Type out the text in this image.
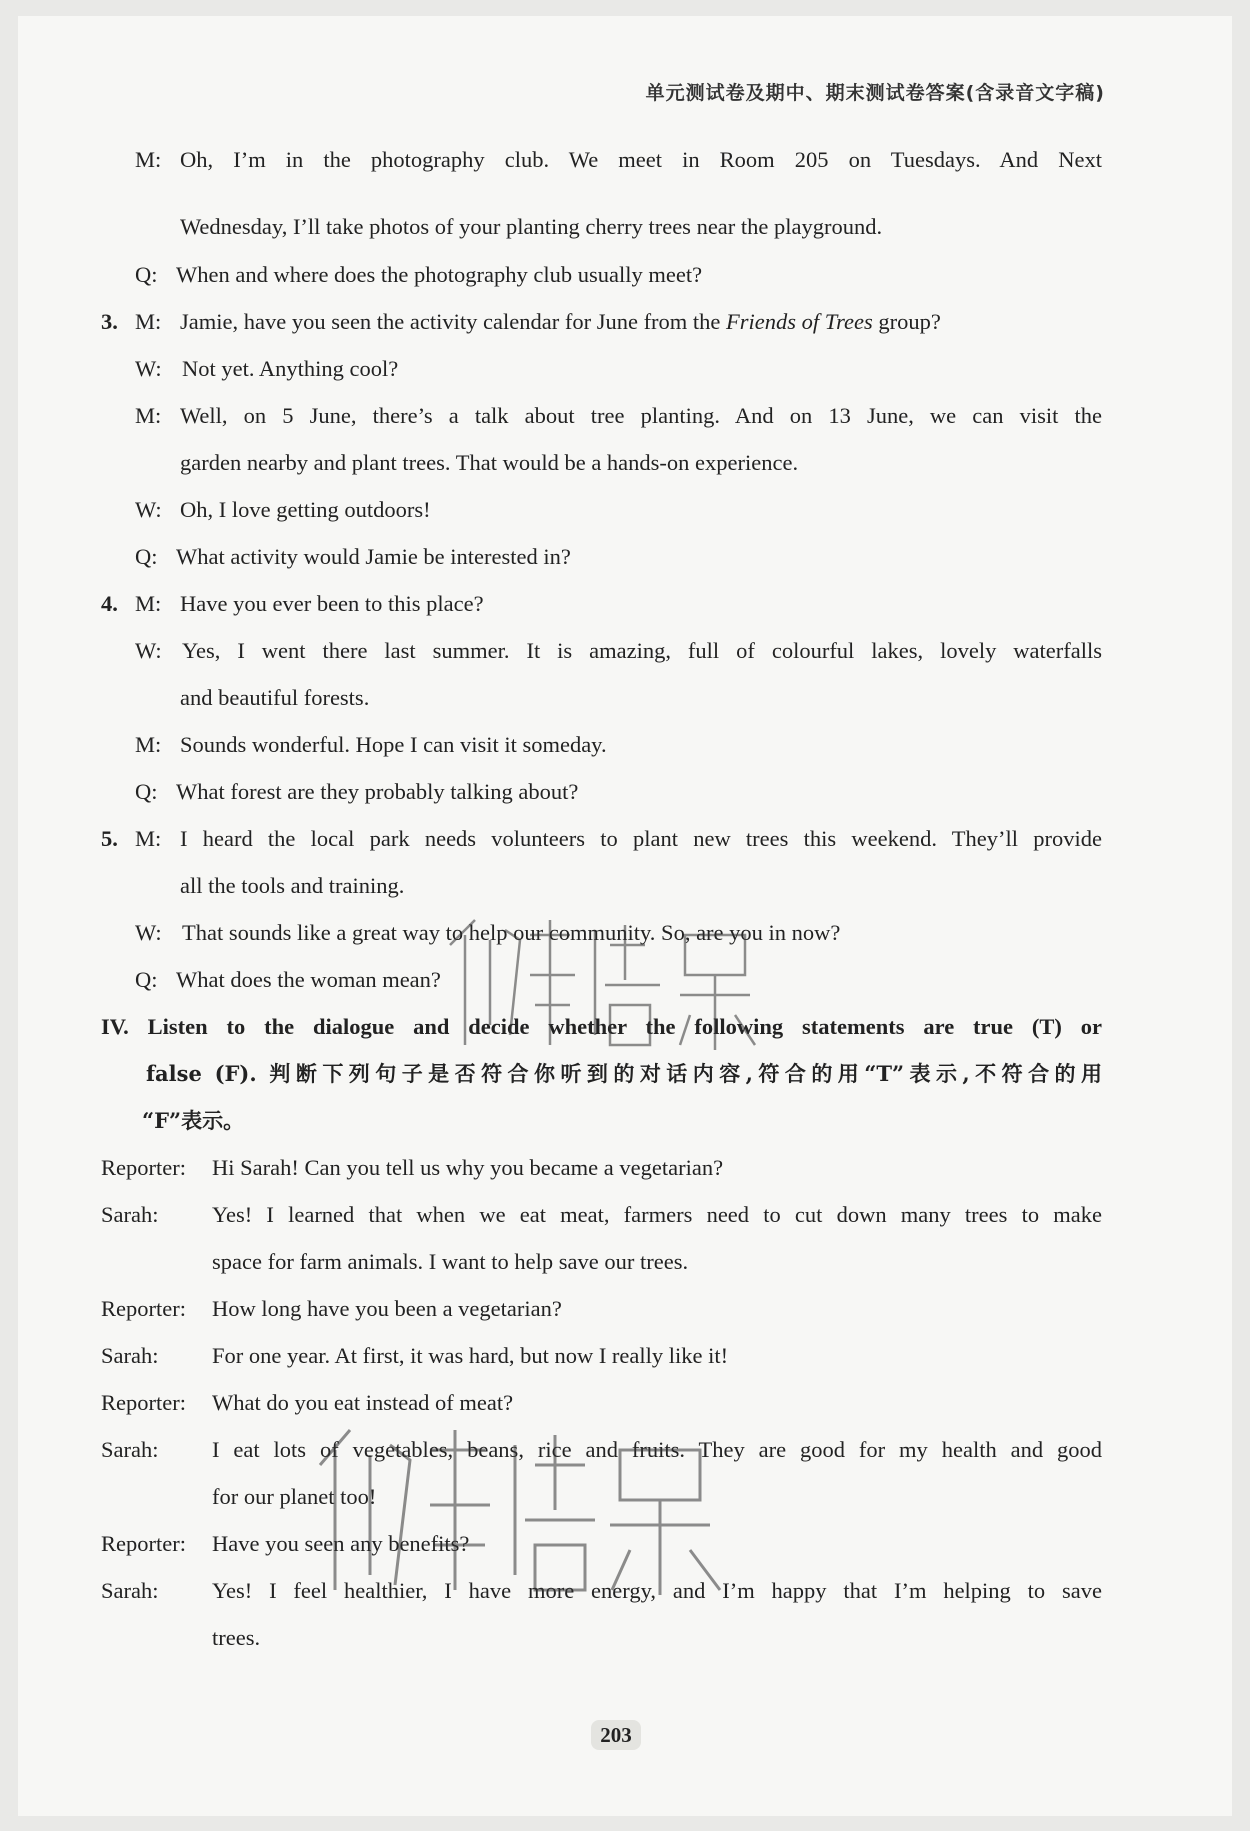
单元测试卷及期中、期末测试卷答案(含录音文字稿)
M: Oh, I’m in the photography club. We meet in Room 205 on Tuesdays. And Next
Wednesday, I’ll take photos of your planting cherry trees near the playground.
Q: When and where does the photography club usually meet?
3. M: Jamie, have you seen the activity calendar for June from the Friends of Trees group?
W: Not yet. Anything cool?
M: Well, on 5 June, there’s a talk about tree planting. And on 13 June, we can visit the
garden nearby and plant trees. That would be a hands-on experience.
W: Oh, I love getting outdoors!
Q: What activity would Jamie be interested in?
4. M: Have you ever been to this place?
W: Yes, I went there last summer. It is amazing, full of colourful lakes, lovely waterfalls
and beautiful forests.
M: Sounds wonderful. Hope I can visit it someday.
Q: What forest are they probably talking about?
5. M: I heard the local park needs volunteers to plant new trees this weekend. They’ll provide
all the tools and training.
W: That sounds like a great way to help our community. So, are you in now?
Q: What does the woman mean?
IV. Listen to the dialogue and decide whether the following statements are true (T) or
false (F). 判断下列句子是否符合你听到的对话内容,符合的用“T”表示,不符合的用
“F”表示。
Reporter: Hi Sarah! Can you tell us why you became a vegetarian?
Sarah: Yes! I learned that when we eat meat, farmers need to cut down many trees to make
space for farm animals. I want to help save our trees.
Reporter: How long have you been a vegetarian?
Sarah: For one year. At first, it was hard, but now I really like it!
Reporter: What do you eat instead of meat?
Sarah: I eat lots of vegetables, beans, rice and fruits. They are good for my health and good
for our planet too!
Reporter: Have you seen any benefits?
Sarah: Yes! I feel healthier, I have more energy, and I’m happy that I’m helping to save
trees.
203
